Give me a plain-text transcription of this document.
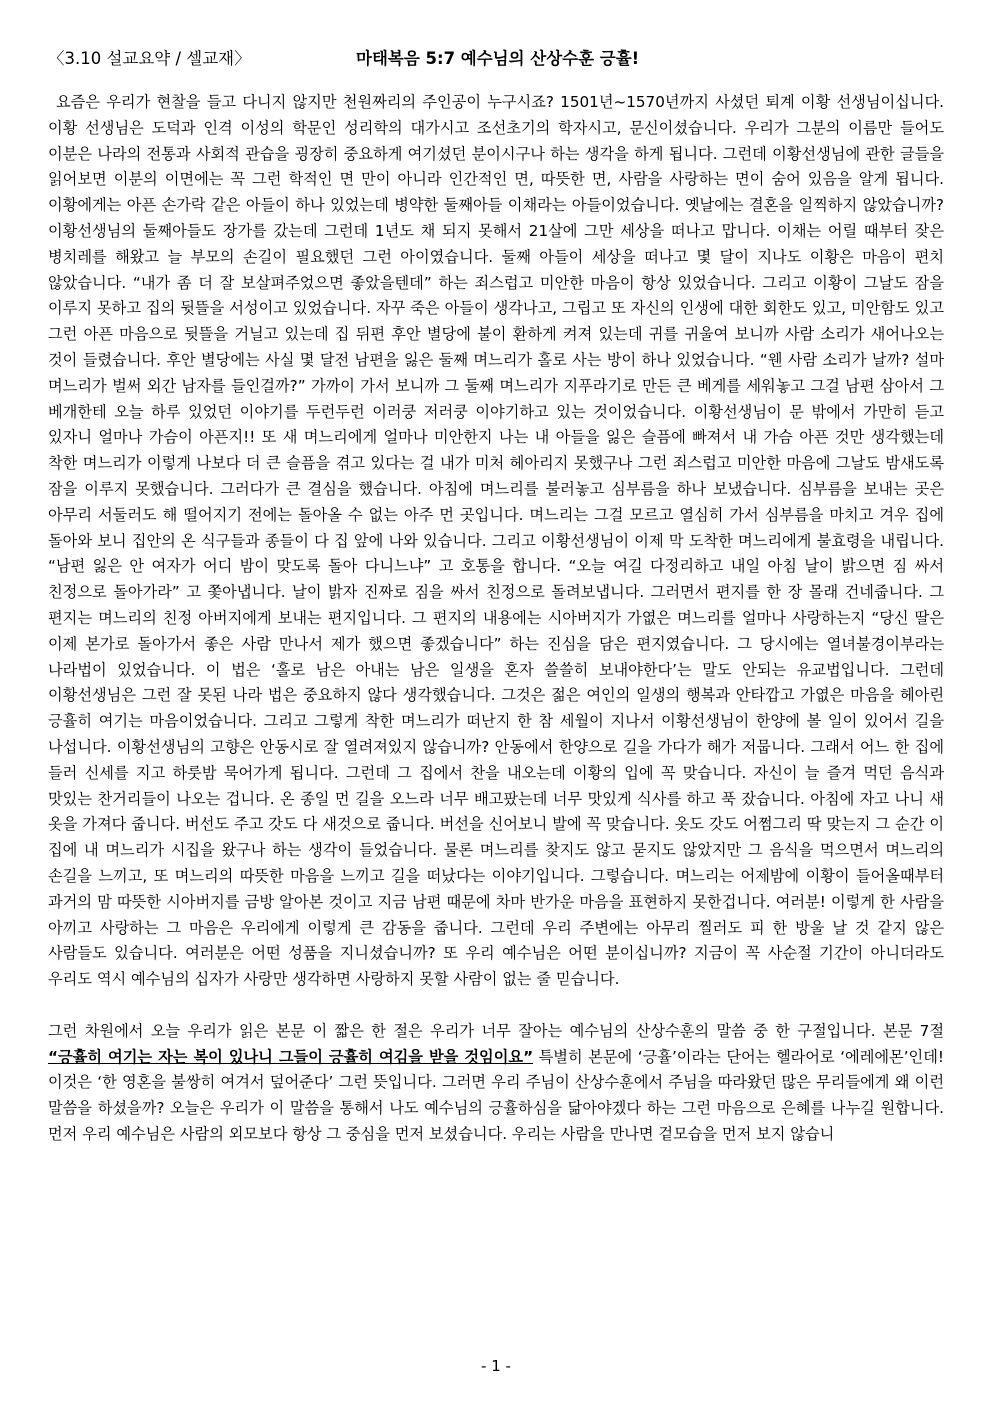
〈3.10 설교요약 / 셀교재〉	마태복음 5:7 예수님의 산상수훈 긍휼!

요즘은 우리가 현찰을 들고 다니지 않지만 천원짜리의 주인공이 누구시죠? 1501년~1570년까지 사셨던 퇴계 이황 선생님이십니다. 이황 선생님은 도덕과 인격 이성의 학문인 성리학의 대가시고 조선초기의 학자시고, 문신이셨습니다. 우리가 그분의 이름만 들어도 이분은 나라의 전통과 사회적 관습을 굉장히 중요하게 여기셨던 분이시구나 하는 생각을 하게 됩니다. 그런데 이황선생님에 관한 글들을 읽어보면 이분의 이면에는 꼭 그런 학적인 면 만이 아니라 인간적인 면, 따뜻한 면, 사람을 사랑하는 면이 숨어 있음을 알게 됩니다. 이황에게는 아픈 손가락 같은 아들이 하나 있었는데 병약한 둘째아들 이채라는 아들이었습니다. 옛날에는 결혼을 일찍하지 않았습니까? 이황선생님의 둘째아들도 장가를 갔는데 그런데 1년도 채 되지 못해서 21살에 그만 세상을 떠나고 맙니다. 이채는 어릴 때부터 잦은 병치레를 해왔고 늘 부모의 손길이 필요했던 그런 아이였습니다. 둘째 아들이 세상을 떠나고 몇 달이 지나도 이황은 마음이 편치 않았습니다. “내가 좀 더 잘 보살펴주었으면 좋았을텐데” 하는 죄스럽고 미안한 마음이 항상 있었습니다. 그리고 이황이 그날도 잠을 이루지 못하고 집의 뒷뜰을 서성이고 있었습니다. 자꾸 죽은 아들이 생각나고, 그립고 또 자신의 인생에 대한 회한도 있고, 미안함도 있고 그런 아픈 마음으로 뒷뜰을 거닐고 있는데 집 뒤편 후안 별당에 불이 환하게 켜져 있는데 귀를 귀울여 보니까 사람 소리가 새어나오는 것이 들렸습니다. 후안 별당에는 사실 몇 달전 남편을 잃은 둘째 며느리가 홀로 사는 방이 하나 있었습니다. “웬 사람 소리가 날까? 설마 며느리가 벌써 외간 남자를 들인걸까?” 가까이 가서 보니까 그 둘째 며느리가 지푸라기로 만든 큰 베게를 세워놓고 그걸 남편 삼아서 그 베개한테 오늘 하루 있었던 이야기를 두런두런 이러쿵 저러쿵 이야기하고 있는 것이었습니다. 이황선생님이 문 밖에서 가만히 듣고 있자니 얼마나 가슴이 아픈지!! 또 새 며느리에게 얼마나 미안한지 나는 내 아들을 잃은 슬픔에 빠져서 내 가슴 아픈 것만 생각했는데 착한 며느리가 이렇게 나보다 더 큰 슬픔을 겪고 있다는 걸 내가 미처 헤아리지 못했구나 그런 죄스럽고 미안한 마음에 그날도 밤새도록 잠을 이루지 못했습니다. 그러다가 큰 결심을 했습니다. 아침에 며느리를 불러놓고 심부름을 하나 보냈습니다. 심부름을 보내는 곳은 아무리 서둘러도 해 떨어지기 전에는 돌아올 수 없는 아주 먼 곳입니다. 며느리는 그걸 모르고 열심히 가서 심부름을 마치고 겨우 집에 돌아와 보니 집안의 온 식구들과 종들이 다 집 앞에 나와 있습니다. 그리고 이황선생님이 이제 막 도착한 며느리에게 불효령을 내립니다. “남편 잃은 안 여자가 어디 밤이 맞도록 돌아 다니느냐” 고 호통을 합니다. “오늘 여길 다정리하고 내일 아침 날이 밝으면 짐 싸서 친정으로 돌아가라” 고 쫓아냅니다. 날이 밝자 진짜로 짐을 싸서 친정으로 돌려보냅니다. 그러면서 편지를 한 장 몰래 건네줍니다. 그 편지는 며느리의 친정 아버지에게 보내는 편지입니다. 그 편지의 내용에는 시아버지가 가엾은 며느리를 얼마나 사랑하는지 “당신 딸은 이제 본가로 돌아가서 좋은 사람 만나서 제가 했으면 좋겠습니다” 하는 진심을 담은 편지였습니다. 그 당시에는 열녀불경이부라는 나라법이 있었습니다. 이 법은 ‘홀로 남은 아내는 남은 일생을 혼자 쓸쓸히 보내야한다’는 말도 안되는 유교법입니다. 그런데 이황선생님은 그런 잘 못된 나라 법은 중요하지 않다 생각했습니다. 그것은 젊은 여인의 일생의 행복과 안타깝고 가엾은 마음을 헤아린 긍휼히 여기는 마음이었습니다. 그리고 그렇게 착한 며느리가 떠난지 한 참 세월이 지나서 이황선생님이 한양에 볼 일이 있어서 길을 나섭니다. 이황선생님의 고향은 안동시로 잘 열려져있지 않습니까? 안동에서 한양으로 길을 가다가 해가 저뭅니다. 그래서 어느 한 집에 들러 신세를 지고 하룻밤 묵어가게 됩니다. 그런데 그 집에서 찬을 내오는데 이황의 입에 꼭 맞습니다. 자신이 늘 즐겨 먹던 음식과 맛있는 찬거리들이 나오는 겁니다. 온 종일 먼 길을 오느라 너무 배고팠는데 너무 맛있게 식사를 하고 푹 잤습니다. 아침에 자고 나니 새 옷을 가져다 줍니다. 버선도 주고 갓도 다 새것으로 줍니다. 버선을 신어보니 발에 꼭 맞습니다. 옷도 갓도 어쩜그리 딱 맞는지 그 순간 이 집에 내 며느리가 시집을 왔구나 하는 생각이 들었습니다. 물론 며느리를 찾지도 않고 묻지도 않았지만 그 음식을 먹으면서 며느리의 손길을 느끼고, 또 며느리의 따뜻한 마음을 느끼고 길을 떠났다는 이야기입니다. 그렇습니다. 며느리는 어제밤에 이황이 들어올때부터 과거의 맘 따뜻한 시아버지를 금방 알아본 것이고 지금 남편 때문에 차마 반가운 마음을 표현하지 못한겁니다. 여러분! 이렇게 한 사람을 아끼고 사랑하는 그 마음은 우리에게 이렇게 큰 감동을 줍니다. 그런데 우리 주변에는 아무리 찔러도 피 한 방울 날 것 같지 않은 사람들도 있습니다. 여러분은 어떤 성품을 지니셨습니까? 또 우리 예수님은 어떤 분이십니까? 지금이 꼭 사순절 기간이 아니더라도 우리도 역시 예수님의 십자가 사랑만 생각하면 사랑하지 못할 사람이 없는 줄 믿습니다.

그런 차원에서 오늘 우리가 읽은 본문 이 짧은 한 절은 우리가 너무 잘아는 예수님의 산상수훈의 말씀 중 한 구절입니다. 본문 7절 “긍휼히 여기는 자는 복이 있나니 그들이 긍휼히 여김을 받을 것임이요” 특별히 본문에 ‘긍휼’이라는 단어는 헬라어로 ‘에레에몬’인데! 이것은 ‘한 영혼을 불쌍히 여겨서 덮어준다’ 그런 뜻입니다. 그러면 우리 주님이 산상수훈에서 주님을 따라왔던 많은 무리들에게 왜 이런 말씀을 하셨을까? 오늘은 우리가 이 말씀을 통해서 나도 예수님의 긍휼하심을 닮아야겠다 하는 그런 마음으로 은혜를 나누길 원합니다. 먼저 우리 예수님은 사람의 외모보다 항상 그 중심을 먼저 보셨습니다. 우리는 사람을 만나면 겉모습을 먼저 보지 않습니

- 1 -
